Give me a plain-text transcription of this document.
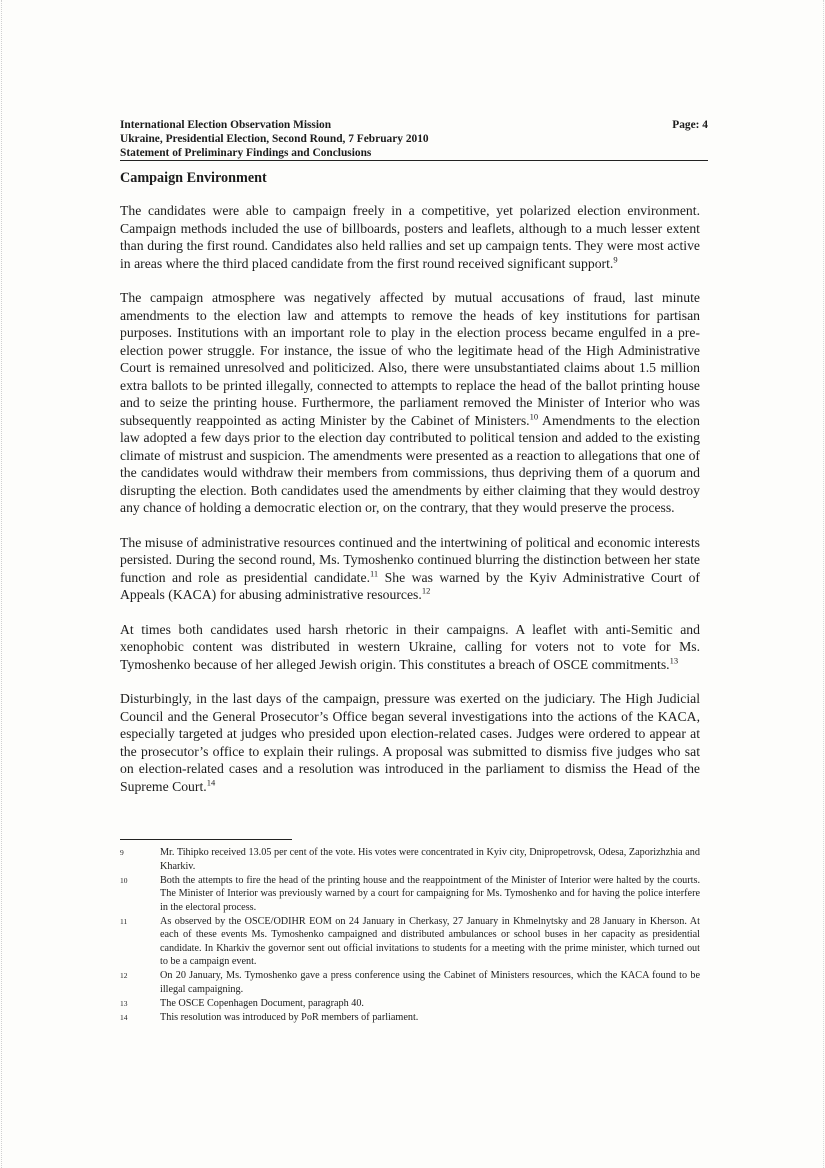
International Election Observation Mission
Ukraine, Presidential Election, Second Round, 7 February 2010
Statement of Preliminary Findings and Conclusions
Page: 4
Campaign Environment

The candidates were able to campaign freely in a competitive, yet polarized election environment. Campaign methods included the use of billboards, posters and leaflets, although to a much lesser extent than during the first round. Candidates also held rallies and set up campaign tents. They were most active in areas where the third placed candidate from the first round received significant support.$^9$

The campaign atmosphere was negatively affected by mutual accusations of fraud, last minute amendments to the election law and attempts to remove the heads of key institutions for partisan purposes. Institutions with an important role to play in the election process became engulfed in a pre-election power struggle. For instance, the issue of who the legitimate head of the High Administrative Court is remained unresolved and politicized. Also, there were unsubstantiated claims about 1.5 million extra ballots to be printed illegally, connected to attempts to replace the head of the ballot printing house and to seize the printing house. Furthermore, the parliament removed the Minister of Interior who was subsequently reappointed as acting Minister by the Cabinet of Ministers.$^{10}$ Amendments to the election law adopted a few days prior to the election day contributed to political tension and added to the existing climate of mistrust and suspicion. The amendments were presented as a reaction to allegations that one of the candidates would withdraw their members from commissions, thus depriving them of a quorum and disrupting the election. Both candidates used the amendments by either claiming that they would destroy any chance of holding a democratic election or, on the contrary, that they would preserve the process.

The misuse of administrative resources continued and the intertwining of political and economic interests persisted. During the second round, Ms. Tymoshenko continued blurring the distinction between her state function and role as presidential candidate.$^{11}$ She was warned by the Kyiv Administrative Court of Appeals (KACA) for abusing administrative resources.$^{12}$

At times both candidates used harsh rhetoric in their campaigns. A leaflet with anti-Semitic and xenophobic content was distributed in western Ukraine, calling for voters not to vote for Ms. Tymoshenko because of her alleged Jewish origin. This constitutes a breach of OSCE commitments.$^{13}$

Disturbingly, in the last days of the campaign, pressure was exerted on the judiciary. The High Judicial Council and the General Prosecutor’s Office began several investigations into the actions of the KACA, especially targeted at judges who presided upon election-related cases. Judges were ordered to appear at the prosecutor’s office to explain their rulings. A proposal was submitted to dismiss five judges who sat on election-related cases and a resolution was introduced in the parliament to dismiss the Head of the Supreme Court.$^{14}$

9	Mr. Tihipko received 13.05 per cent of the vote. His votes were concentrated in Kyiv city, Dnipropetrovsk, Odesa, Zaporizhzhia and Kharkiv.
10	Both the attempts to fire the head of the printing house and the reappointment of the Minister of Interior were halted by the courts. The Minister of Interior was previously warned by a court for campaigning for Ms. Tymoshenko and for having the police interfere in the electoral process.
11	As observed by the OSCE/ODIHR EOM on 24 January in Cherkasy, 27 January in Khmelnytsky and 28 January in Kherson. At each of these events Ms. Tymoshenko campaigned and distributed ambulances or school buses in her capacity as presidential candidate. In Kharkiv the governor sent out official invitations to students for a meeting with the prime minister, which turned out to be a campaign event.
12	On 20 January, Ms. Tymoshenko gave a press conference using the Cabinet of Ministers resources, which the KACA found to be illegal campaigning.
13	The OSCE Copenhagen Document, paragraph 40.
14	This resolution was introduced by PoR members of parliament.
